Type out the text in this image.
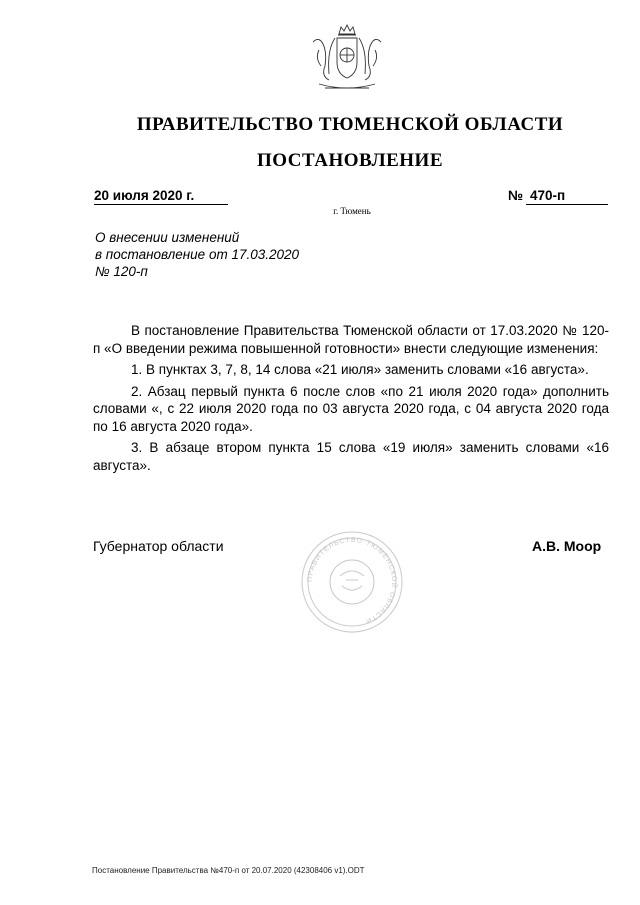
ПРАВИТЕЛЬСТВО ТЮМЕНСКОЙ ОБЛАСТИ
ПОСТАНОВЛЕНИЕ
20 июля 2020 г.	№ 470-п
г. Тюмень
О внесении изменений
в постановление от 17.03.2020
№ 120-п

В постановление Правительства Тюменской области от 17.03.2020 № 120-п «О введении режима повышенной готовности» внести следующие изменения:

1. В пунктах 3, 7, 8, 14 слова «21 июля» заменить словами «16 августа».

2. Абзац первый пункта 6 после слов «по 21 июля 2020 года» дополнить словами «, с 22 июля 2020 года по 03 августа 2020 года, с 04 августа 2020 года по 16 августа 2020 года».

3. В абзаце втором пункта 15 слова «19 июля» заменить словами «16 августа».

Губернатор области	А.В. Моор
ПРАВИТЕЛЬСТВО ТЮМЕНСКОЙ ОБЛАСТИ
Постановление Правительства №470-п от 20.07.2020 (42308406 v1).ODT
